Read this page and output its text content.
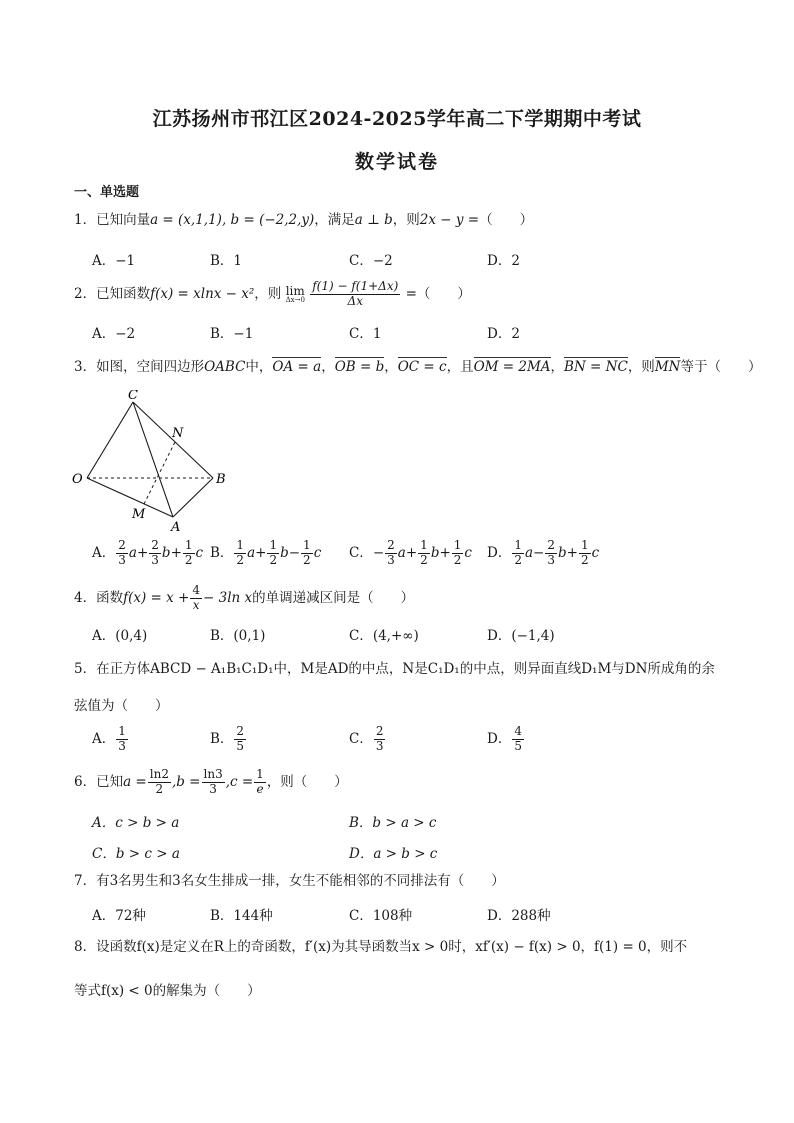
江苏扬州市邗江区2024-2025学年高二下学期期中考试
数学试卷
一、单选题
1．已知向量a = (x,1,1), b = (−2,2,y)，满足a ⊥ b，则2x − y =（　　）
A．−1	B．1	C．−2	D．2
2．已知函数f(x) = xlnx − x²，则 lim
Δx→0
$\frac{f(1) - f(1+\Delta x)}{\Delta x}$ =（　　）
A．−2	B．−1	C．1	D．2
3．如图，空间四边形OABC中，OA = a，OB = b，OC = c，且OM = 2MA，BN = NC，则MN等于（　　）
C
N
O	B
M
A
A． $\frac{2}{3} a+ \frac{2}{3} b+ \frac{1}{2}$ c B． $\frac{1}{2} a+ \frac{1}{2} b- \frac{1}{2}$ c C．− $\frac{2}{3} a+ \frac{1}{2} b+ \frac{1}{2}$ c D． $\frac{1}{2} a- \frac{2}{3} b+ \frac{1}{2}$ c
4．函数$f(x) = x + \frac{4}{x} - 3\ln$ x的单调递减区间是（　　）
A．(0,4)	B．(0,1)	C．(4,+∞)	D．(−1,4)
5．在正方体ABCD − A₁B₁C₁D₁中，M是AD的中点，N是C₁D₁的中点，则异面直线D₁M与DN所成角的余
弦值为（　　）
A． $\frac{1}{3}$	B． $\frac{2}{5}$	C． $\frac{2}{3}$	D． $\frac{4}{5}$
6．已知$a = \frac{\ln 2}{2} ,b = \frac{\ln 3}{3} ,c = \frac{1}{e}$ ，则（　　）
A．c > b > a	B．b > a > c
C．b > c > a	D．a > b > c
7．有3名男生和3名女生排成一排，女生不能相邻的不同排法有（　　）
A．72种	B．144种	C．108种	D．288种
8．设函数f(x)是定义在R上的奇函数，f′(x)为其导函数当x > 0时，xf′(x) − f(x) > 0，f(1) = 0，则不
等式f(x) < 0的解集为（　　）
